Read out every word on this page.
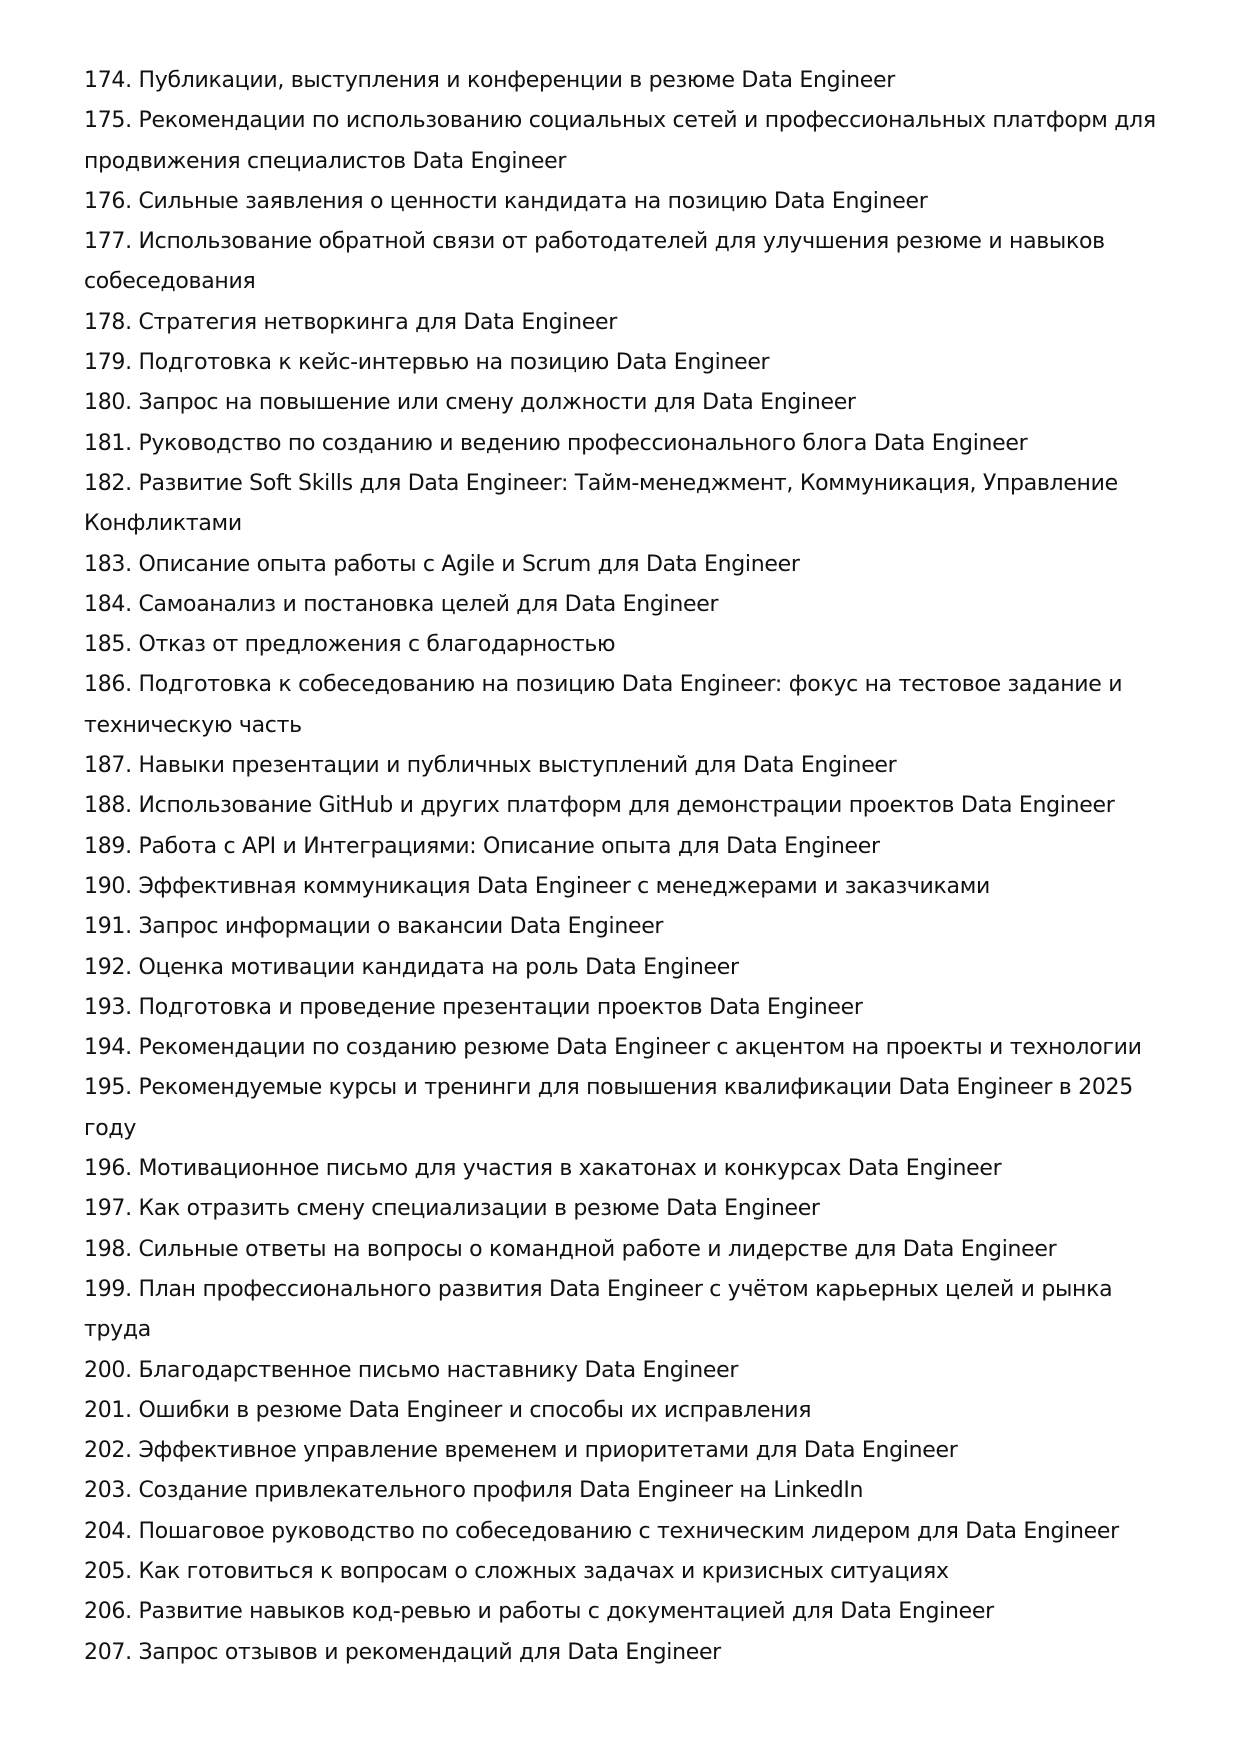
174. Публикации, выступления и конференции в резюме Data Engineer
175. Рекомендации по использованию социальных сетей и профессиональных платформ для продвижения специалистов Data Engineer
176. Сильные заявления о ценности кандидата на позицию Data Engineer
177. Использование обратной связи от работодателей для улучшения резюме и навыков собеседования
178. Стратегия нетворкинга для Data Engineer
179. Подготовка к кейс-интервью на позицию Data Engineer
180. Запрос на повышение или смену должности для Data Engineer
181. Руководство по созданию и ведению профессионального блога Data Engineer
182. Развитие Soft Skills для Data Engineer: Тайм-менеджмент, Коммуникация, Управление Конфликтами
183. Описание опыта работы с Agile и Scrum для Data Engineer
184. Самоанализ и постановка целей для Data Engineer
185. Отказ от предложения с благодарностью
186. Подготовка к собеседованию на позицию Data Engineer: фокус на тестовое задание и техническую часть
187. Навыки презентации и публичных выступлений для Data Engineer
188. Использование GitHub и других платформ для демонстрации проектов Data Engineer
189. Работа с API и Интеграциями: Описание опыта для Data Engineer
190. Эффективная коммуникация Data Engineer с менеджерами и заказчиками
191. Запрос информации о вакансии Data Engineer
192. Оценка мотивации кандидата на роль Data Engineer
193. Подготовка и проведение презентации проектов Data Engineer
194. Рекомендации по созданию резюме Data Engineer с акцентом на проекты и технологии
195. Рекомендуемые курсы и тренинги для повышения квалификации Data Engineer в 2025 году
196. Мотивационное письмо для участия в хакатонах и конкурсах Data Engineer
197. Как отразить смену специализации в резюме Data Engineer
198. Сильные ответы на вопросы о командной работе и лидерстве для Data Engineer
199. План профессионального развития Data Engineer с учётом карьерных целей и рынка труда
200. Благодарственное письмо наставнику Data Engineer
201. Ошибки в резюме Data Engineer и способы их исправления
202. Эффективное управление временем и приоритетами для Data Engineer
203. Создание привлекательного профиля Data Engineer на LinkedIn
204. Пошаговое руководство по собеседованию с техническим лидером для Data Engineer
205. Как готовиться к вопросам о сложных задачах и кризисных ситуациях
206. Развитие навыков код-ревью и работы с документацией для Data Engineer
207. Запрос отзывов и рекомендаций для Data Engineer
